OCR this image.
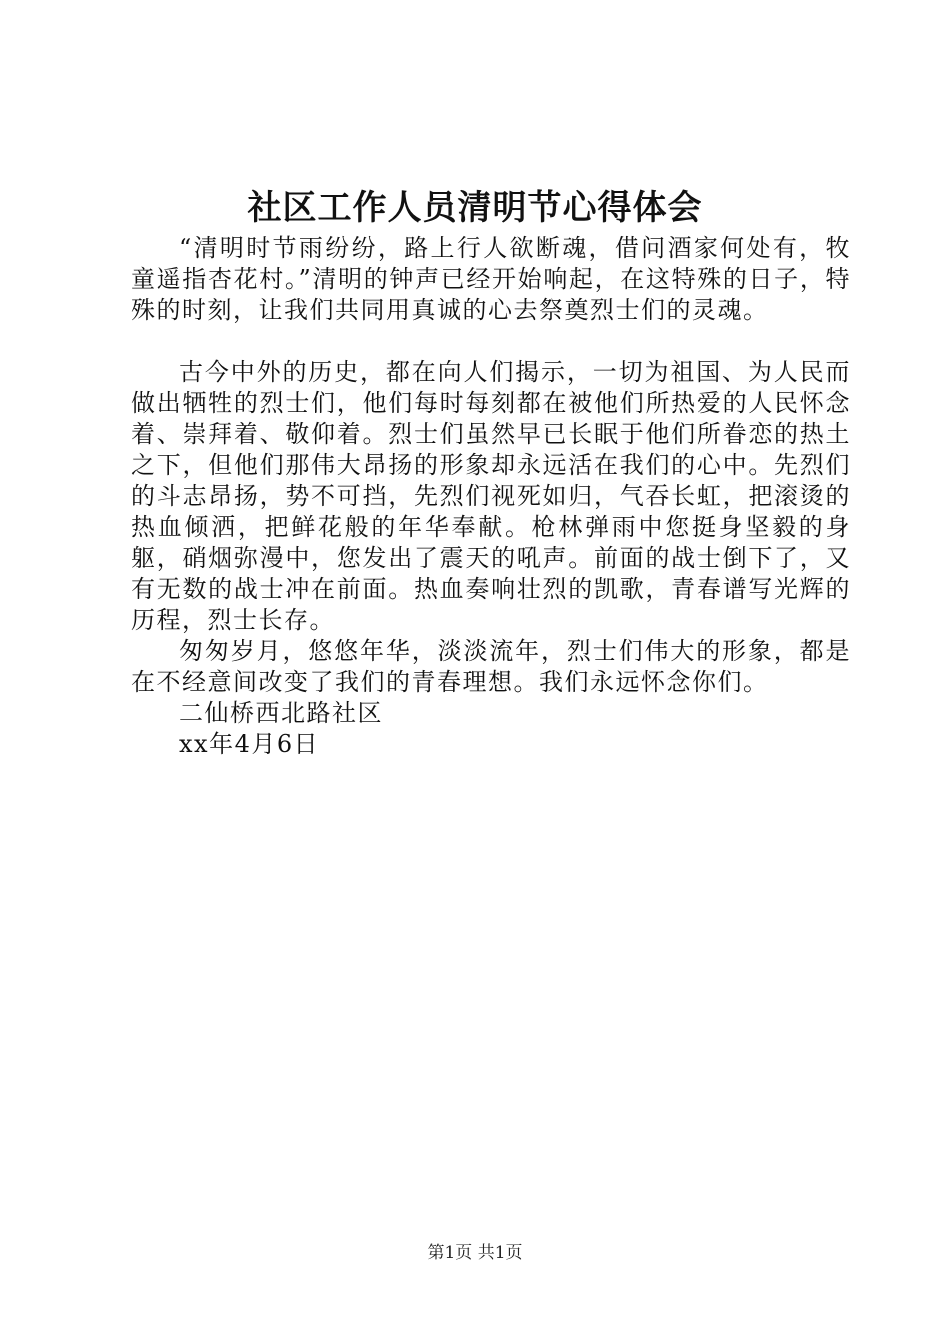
社区工作人员清明节心得体会

“清明时节雨纷纷，路上行人欲断魂，借问酒家何处有，牧童遥指杏花村。”清明的钟声已经开始响起，在这特殊的日子，特殊的时刻，让我们共同用真诚的心去祭奠烈士们的灵魂。

古今中外的历史，都在向人们揭示，一切为祖国、为人民而做出牺牲的烈士们，他们每时每刻都在被他们所热爱的人民怀念着、崇拜着、敬仰着。烈士们虽然早已长眠于他们所眷恋的热土之下，但他们那伟大昂扬的形象却永远活在我们的心中。先烈们的斗志昂扬，势不可挡，先烈们视死如归，气吞长虹，把滚烫的热血倾洒，把鲜花般的年华奉献。枪林弹雨中您挺身坚毅的身躯，硝烟弥漫中，您发出了震天的吼声。前面的战士倒下了，又有无数的战士冲在前面。热血奏响壮烈的凯歌，青春谱写光辉的历程，烈士长存。

匆匆岁月，悠悠年华，淡淡流年，烈士们伟大的形象，都是在不经意间改变了我们的青春理想。我们永远怀念你们。

二仙桥西北路社区

xx年4月6日

第1页 共1页
